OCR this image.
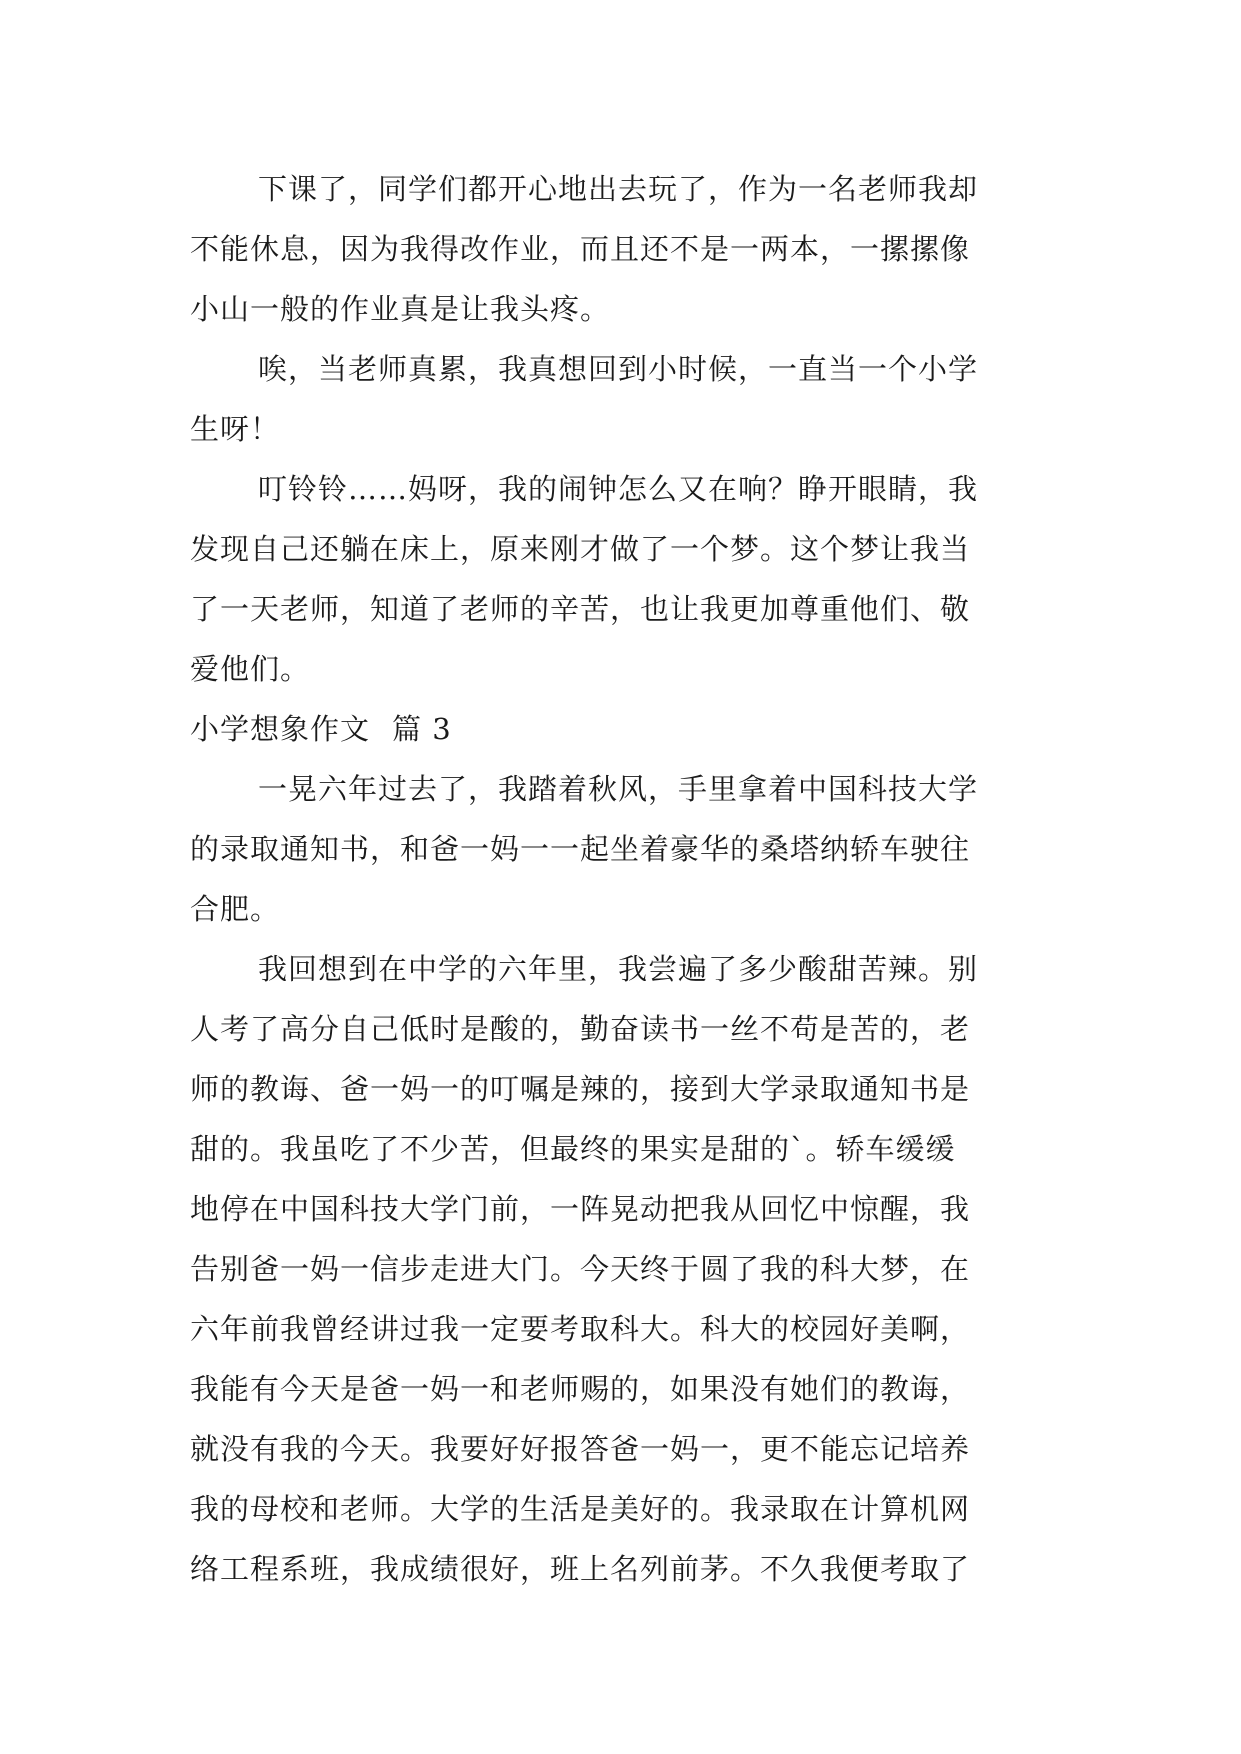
下课了，同学们都开心地出去玩了，作为一名老师我却
不能休息，因为我得改作业，而且还不是一两本，一摞摞像
小山一般的作业真是让我头疼。

唉，当老师真累，我真想回到小时候，一直当一个小学
生呀！

叮铃铃……妈呀，我的闹钟怎么又在响？睁开眼睛，我
发现自己还躺在床上，原来刚才做了一个梦。这个梦让我当
了一天老师，知道了老师的辛苦，也让我更加尊重他们、敬
爱他们。

小学想象作文 篇 3

一晃六年过去了，我踏着秋风，手里拿着中国科技大学
的录取通知书，和爸一妈一一起坐着豪华的桑塔纳轿车驶往
合肥。

我回想到在中学的六年里，我尝遍了多少酸甜苦辣。别
人考了高分自己低时是酸的，勤奋读书一丝不苟是苦的，老
师的教诲、爸一妈一的叮嘱是辣的，接到大学录取通知书是
甜的。我虽吃了不少苦，但最终的果实是甜的`。轿车缓缓
地停在中国科技大学门前，一阵晃动把我从回忆中惊醒，我
告别爸一妈一信步走进大门。今天终于圆了我的科大梦，在
六年前我曾经讲过我一定要考取科大。科大的校园好美啊，
我能有今天是爸一妈一和老师赐的，如果没有她们的教诲，
就没有我的今天。我要好好报答爸一妈一，更不能忘记培养
我的母校和老师。大学的生活是美好的。我录取在计算机网
络工程系班，我成绩很好，班上名列前茅。不久我便考取了
